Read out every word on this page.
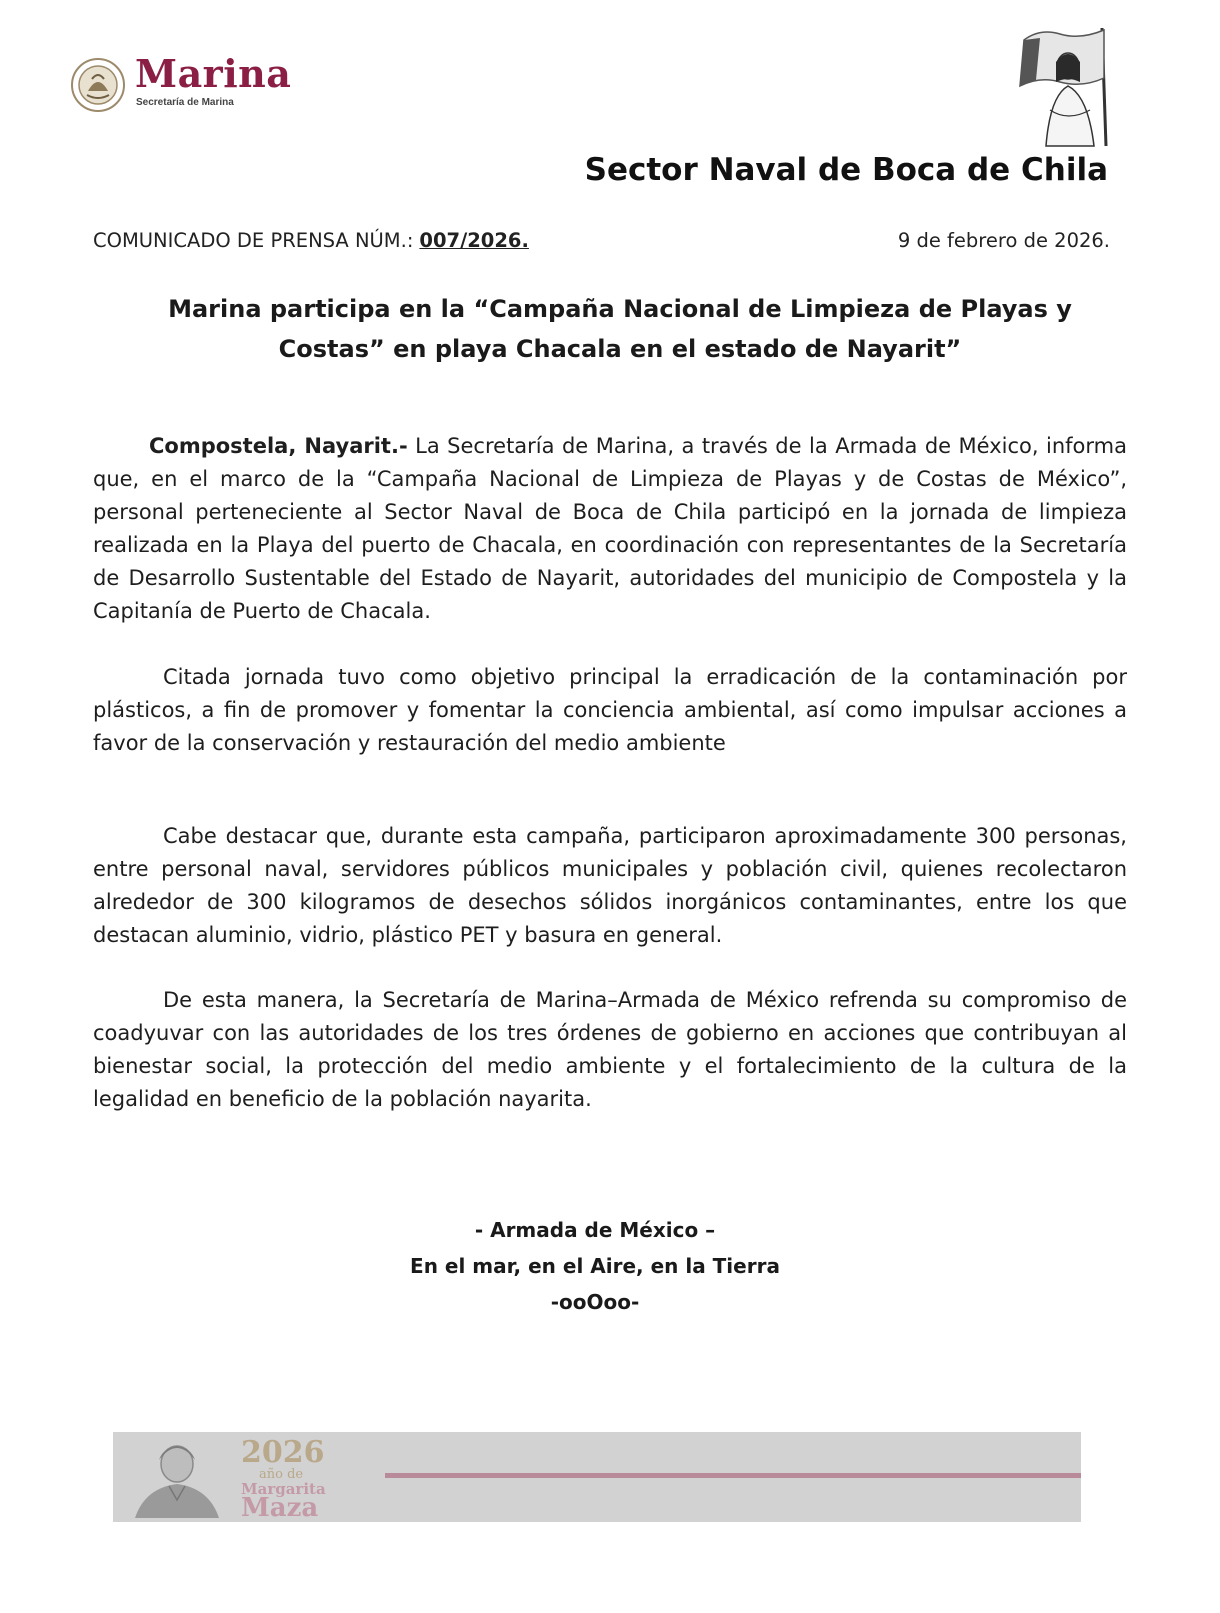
Marina
Secretaría de Marina
Sector Naval de Boca de Chila
COMUNICADO DE PRENSA NÚM.: 007/2026.	9 de febrero de 2026.
Marina participa en la “Campaña Nacional de Limpieza de Playas y
Costas” en playa Chacala en el estado de Nayarit”

Compostela, Nayarit.- La Secretaría de Marina, a través de la Armada de México, informa que, en el marco de la “Campaña Nacional de Limpieza de Playas y de Costas de México”, personal perteneciente al Sector Naval de Boca de Chila participó en la jornada de limpieza realizada en la Playa del puerto de Chacala, en coordinación con representantes de la Secretaría de Desarrollo Sustentable del Estado de Nayarit, autoridades del municipio de Compostela y la Capitanía de Puerto de Chacala.

Citada jornada tuvo como objetivo principal la erradicación de la contaminación por plásticos, a fin de promover y fomentar la conciencia ambiental, así como impulsar acciones a favor de la conservación y restauración del medio ambiente

Cabe destacar que, durante esta campaña, participaron aproximadamente 300 personas, entre personal naval, servidores públicos municipales y población civil, quienes recolectaron alrededor de 300 kilogramos de desechos sólidos inorgánicos contaminantes, entre los que destacan aluminio, vidrio, plástico PET y basura en general.

De esta manera, la Secretaría de Marina–Armada de México refrenda su compromiso de coadyuvar con las autoridades de los tres órdenes de gobierno en acciones que contribuyan al bienestar social, la protección del medio ambiente y el fortalecimiento de la cultura de la legalidad en beneficio de la población nayarita.

- Armada de México –
En el mar, en el Aire, en la Tierra
-ooOoo-
2026
año de
Margarita
Maza
